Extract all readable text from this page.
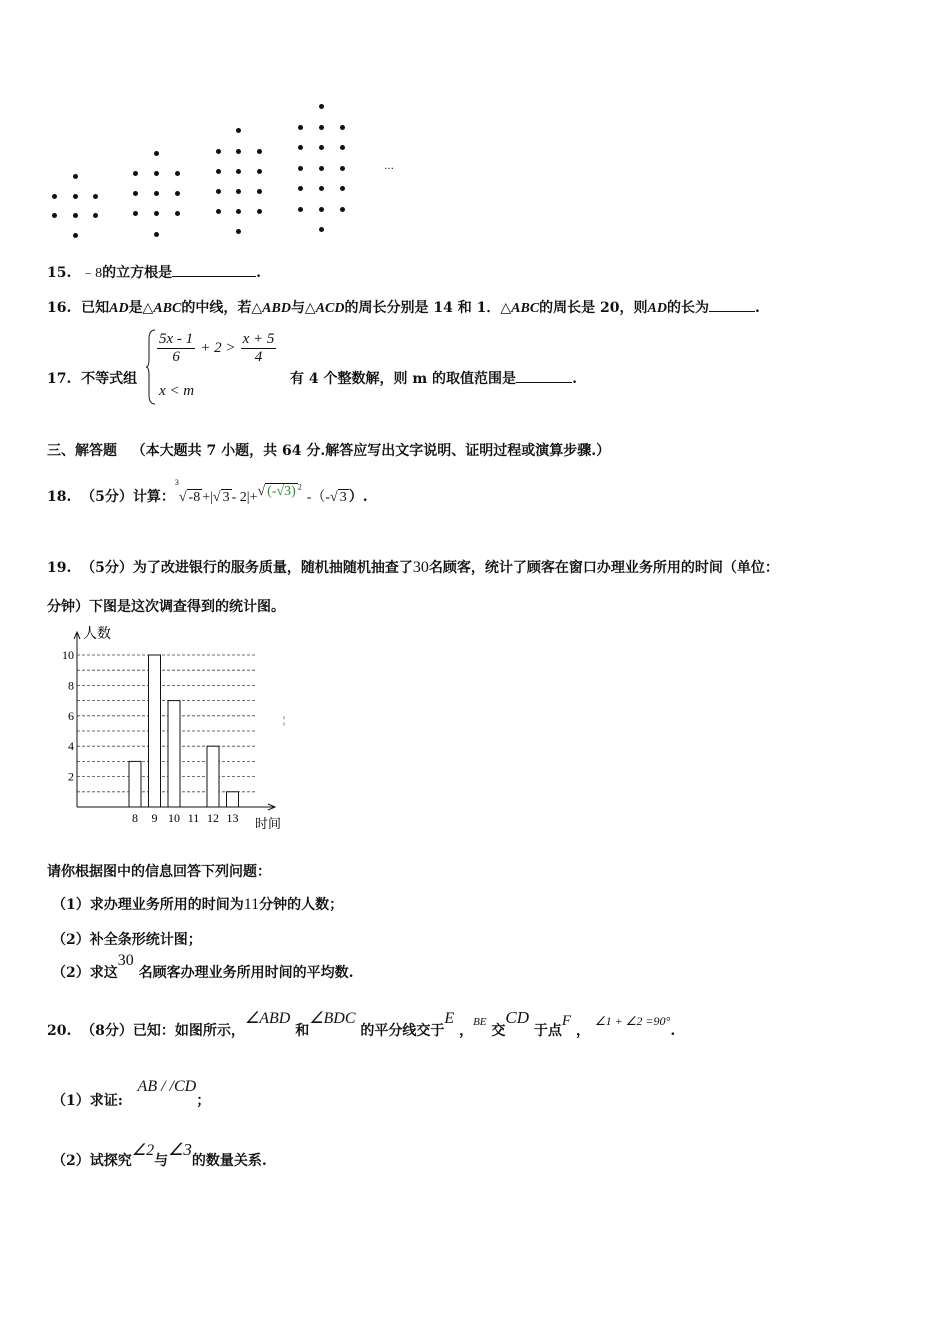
…
15. ﹣8的立方根是	.
16. 已知AD是△ABC的中线，若△ABD与△ACD的周长分别是 14 和 1．△ABC的周长是 20，则AD的长为	.
17. 不等式组
$\frac{5x - 1}{6} + 2 > \frac{x + 5}{4}$
x < m
有 4 个整数解，则 m 的取值范围是	.
三、解答题 （本大题共 7 小题，共 64 分.解答应写出文字说明、证明过程或演算步骤.）
18. （5分）计算：$^3$√ -8 +|√ 3 - 2|+√ (-√3) $^2$ -（-√ 3 ）.
19. （5分）为了改进银行的服务质量，随机抽随机抽查了30名顾客，统计了顾客在窗口办理业务所用的时间（单位：
分钟）下图是这次调查得到的统计图。
人数
时间
2
4
6
8
10
8 9 10 11 12 13
¦
请你根据图中的信息回答下列问题：
（1）求办理业务所用的时间为11分钟的人数；
（2）补全条形统计图；
（2）求这30 名顾客办理业务所用时间的平均数.
20. （8分）已知：如图所示，∠ABD 和∠BDC 的平分线交于E ，$^{BE}$ 交CD 于点F ， ∠1 + ∠2 =90°.
（1）求证:   AB / /CD；
（2）试探究∠2与∠3的数量关系.
